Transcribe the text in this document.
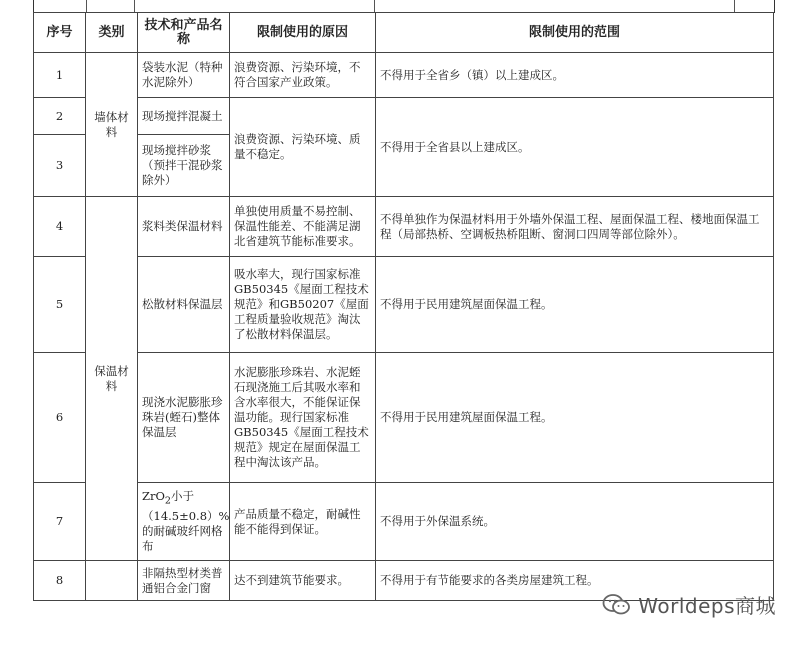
序号	类别	技术和产品名称	限制使用的原因	限制使用的范围
1	墙体材料	袋装水泥（特种水泥除外）	浪费资源、污染环境，不符合国家产业政策。	不得用于全省乡（镇）以上建成区。
2		现场搅拌混凝土	浪费资源、污染环境、质量不稳定。	不得用于全省县以上建成区。
3		现场搅拌砂浆（预拌干混砂浆除外）		
4	保温材料	浆料类保温材料	单独使用质量不易控制、保温性能差、不能满足湖北省建筑节能标准要求。	不得单独作为保温材料用于外墙外保温工程、屋面保温工程、楼地面保温工程（局部热桥、空调板热桥阻断、窗洞口四周等部位除外）。
5		松散材料保温层	吸水率大，现行国家标准GB50345《屋面工程技术规范》和GB50207《屋面工程质量验收规范》淘汰了松散材料保温层。	不得用于民用建筑屋面保温工程。
6		现浇水泥膨胀珍珠岩(蛭石)整体保温层	水泥膨胀珍珠岩、水泥蛭石现浇施工后其吸水率和含水率很大，不能保证保温功能。现行国家标准GB50345《屋面工程技术规范》规定在屋面保温工程中淘汰该产品。	不得用于民用建筑屋面保温工程。
7		ZrO$_2$小于（14.5±0.8）%的耐碱玻纤网格布	产品质量不稳定，耐碱性能不能得到保证。	不得用于外保温系统。
8		非隔热型材类普通铝合金门窗	达不到建筑节能要求。	不得用于有节能要求的各类房屋建筑工程。
Worldeps商城
